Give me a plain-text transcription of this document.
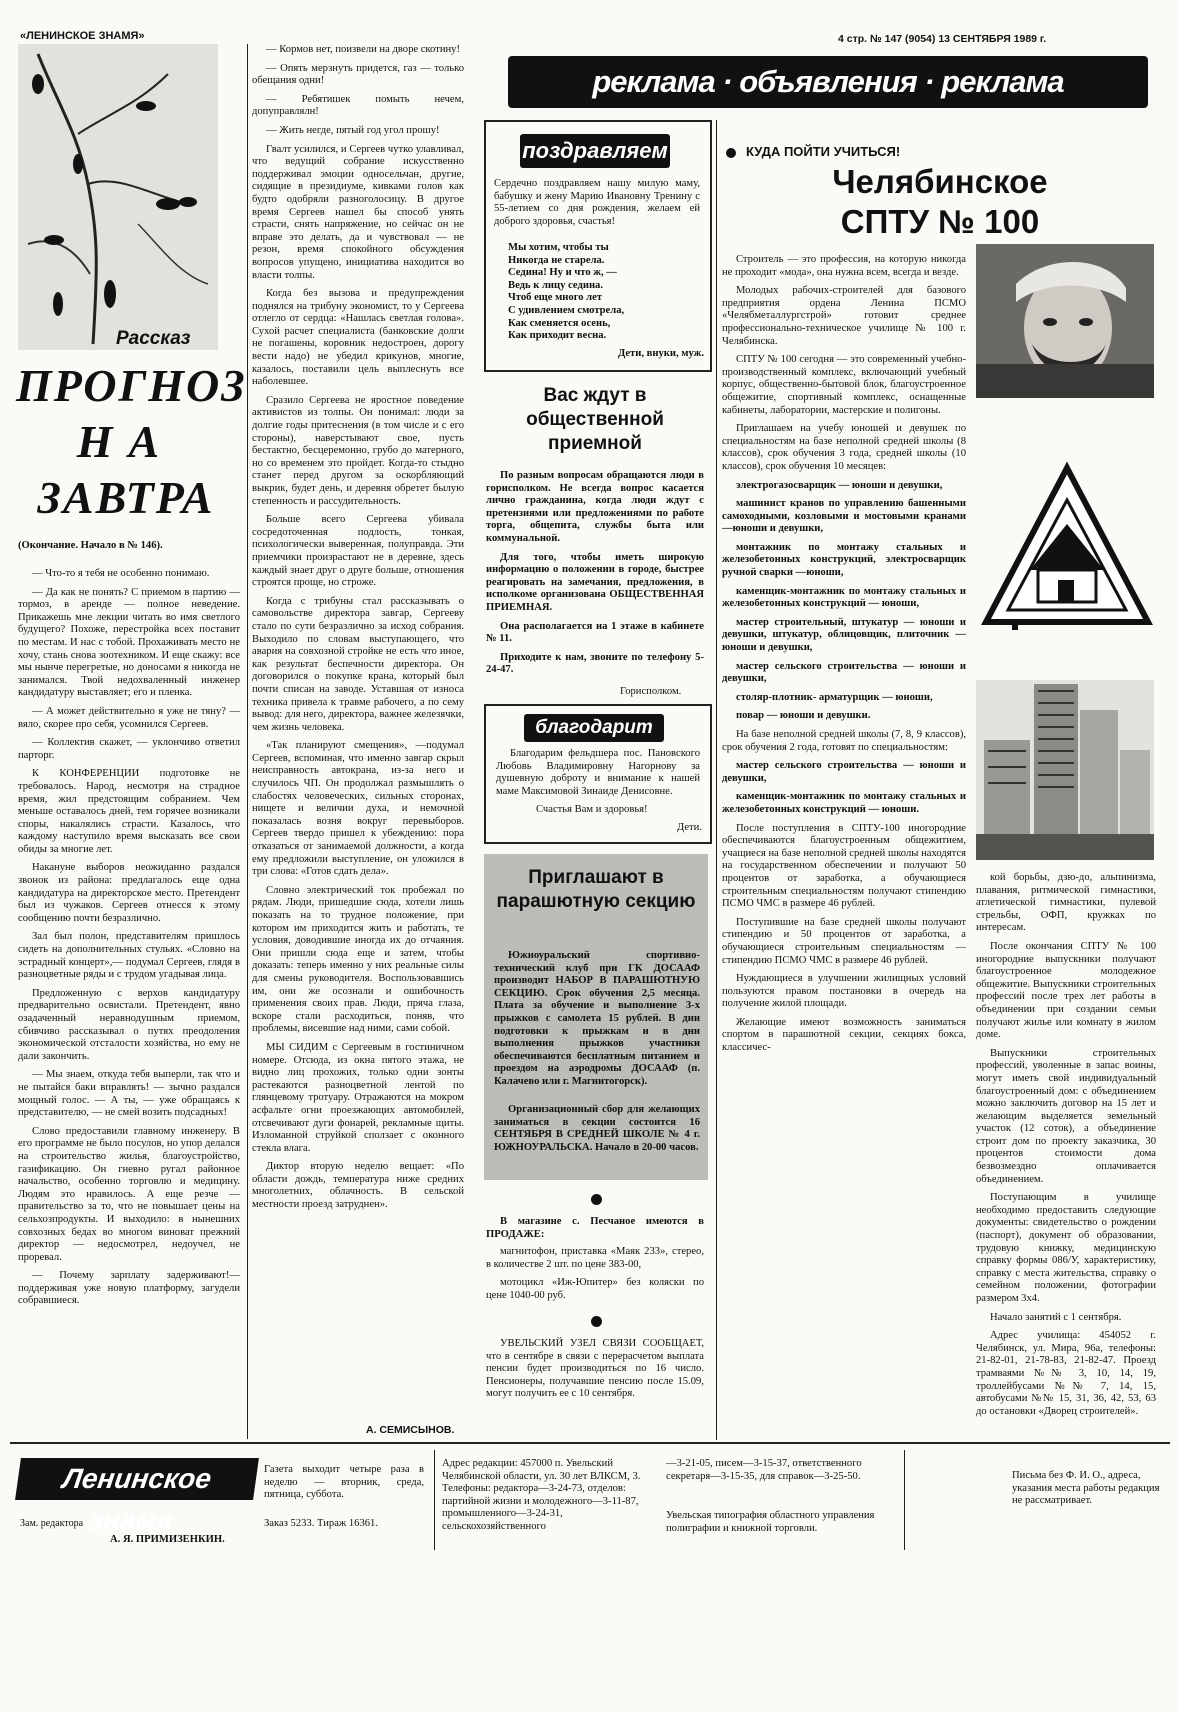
«ЛЕНИНСКОЕ ЗНАМЯ»	4 стр. № 147 (9054) 13 СЕНТЯБРЯ 1989 г.
Рассказ
ПРОГНОЗ
НА
ЗАВТРА
(Окончание. Начало в № 146).

— Что-то я тебя не особенно понимаю.

— Да как не понять? С приемом в партию — тормоз, в аренде — полное неведение. Прикажешь мне лекции читать во имя светлого будущего? Похоже, перестройка всех поставит по местам. И нас с тобой. Прохаживать место не хочу, стань снова зоотехником. И еще скажу: все мы нынче перегретые, но доносами я никогда не занимался. Твой недохваленный инженер кандидатуру выставляет; его и пленка.

— А может действительно я уже не тяну? — вяло, скорее про себя, усомнился Сергеев.

— Коллектив скажет, — уклончиво ответил парторг.

К КОНФЕРЕНЦИИ подготовке не требовалось. Народ, несмотря на страдное время, жил предстоящим собранием. Чем меньше оставалось дней, тем горячее возникали споры, накалялись страсти. Казалось, что каждому наступило время высказать все свои обиды за многие лет.

Накануне выборов неожиданно раздался звонок из района: предлагалось еще одна кандидатура на директорское место. Претендент был из чужаков. Сергеев отнесся к этому сообщению почти безразлично.

Зал был полон, представителям пришлось сидеть на дополнительных стульях. «Словно на эстрадный концерт»,— подумал Сергеев, глядя в разноцветные ряды и с трудом угадывая лица.

Предложенную с верхов кандидатуру предварительно освистали. Претендент, явно озадаченный неравнодушным приемом, сбивчиво рассказывал о путях преодоления экономической отсталости хозяйства, но ему не дали закончить.

— Мы знаем, откуда тебя выперли, так что и не пытайся баки вправлять! — зычно раздался мощный голос. — А ты, — уже обращаясь к представителю, — не смей возить подсадных!

Слово предоставили главному инженеру. В его программе не было посулов, но упор делался на строительство жилья, благоустройство, газификацию. Он гневно ругал районное начальство, особенно торговлю и медицину. Людям это нравилось. А еще резче — правительство за то, что не повышает цены на сельхозпродукты. И выходило: в нынешних совхозных бедах во многом виноват прежний директор — недосмотрел, недоучел, не проревал.

— Почему зарплату задерживают!— поддерживая уже новую платформу, загудели собравшиеся.

— Кормов нет, поизвели на дворе скотину!

— Опять мерзнуть придется, газ — только обещания одни!

— Ребятишек помыть нечем, допуправлялн!

— Жить негде, пятый год угол прошу!

Гвалт усилился, и Сергеев чутко улавливал, что ведущий собрание искусственно поддерживал эмоции односельчан, другие, сидящие в президиуме, кивками голов как будто одобряли разноголосицу. В другое время Сергеев нашел бы способ унять страсти, снять напряжение, но сейчас он не вправе это делать, да и чувствовал — не резон, время спокойного обсуждения вопросов упущено, инициатива находится во власти толпы.

Когда без вызова и предупреждения поднялся на трибуну экономист, то у Сергеева отлегло от сердца: «Нашлась светлая голова». Сухой расчет специалиста (банковские долги не погашены, коровник недостроен, дорогу вести надо) не убедил крикунов, многие, казалось, поставили цель выплеснуть все наболевшее.

Сразило Сергеева не яростное поведение активистов из толпы. Он понимал: люди за долгие годы притеснения (в том числе и с его стороны), наверстывают свое, пусть бестактно, бесцеремонно, грубо до матерного, но со временем это пройдет. Когда-то стыдно станет перед другом за оскорбляющий выкрик, будет день, и деревня обретет былую степенность и рассудительность.

Больше всего Сергеева убивала сосредоточенная подлость, тонкая, психологически выверенная, полуправда. Эти приемчики произрастают не в деревне, здесь каждый знает друг о друге больше, отношения строятся проще, но строже.

Когда с трибуны стал рассказывать о самовольстве директора завгар, Сергееву стало по сути безразлично за исход собрания. Выходило по словам выступающего, что авария на совхозной стройке не есть что иное, как результат беспечности директора. Он договорился о покупке крана, который был почти списан на заводе. Уставшая от износа техника привела к травме рабочего, а по сему вывод: для него, директора, важнее железячки, чем жизнь человека.

«Так планируют смещения», —подумал Сергеев, вспоминая, что именно завгар скрыл неисправность автокрана, из-за него и случилось ЧП. Он продолжал размышлять о слабостях человеческих, сильных сторонах, нищете и величии духа, и немочной показалась возня вокруг перевыборов. Сергеев твердо пришел к убеждению: пора отказаться от занимаемой должности, а когда ему предложили выступление, он уложился в три слова: «Готов сдать дела».

Словно электрический ток пробежал по рядам. Люди, пришедшие сюда, хотели лишь показать на то трудное положение, при котором им приходится жить и работать, те условия, доводившие иногда их до отчаяния. Они пришли сюда еще и затем, чтобы доказать: теперь именно у них реальные силы для смены руководителя. Воспользовавшись им, они же осознали и ошибочность применения своих прав. Люди, пряча глаза, вскоре стали расходиться, поняв, что проблемы, висевшие над ними, сами собой.

МЫ СИДИМ с Сергеевым в гостиничном номере. Отсюда, из окна пятого этажа, не видно лиц прохожих, только одни зонты растекаются разноцветной лентой по глянцевому тротуару. Отражаются на мокром асфальте огни проезжающих автомобилей, отсвечивают дуги фонарей, рекламные щиты. Изломанной струйкой сползает с оконного стекла влага.

Диктор вторую неделю вещает: «По области дождь, температура ниже средних многолетних, облачность. В сельской местности проезд затруднен».

А. СЕМИСЫНОВ.
реклама · объявления · реклама
поздравляем
Сердечно поздравляем нашу милую маму, бабушку и жену Марию Ивановну Тренину с 55-летием со дня рождения, желаем ей доброго здоровья, счастья!
Мы хотим, чтобы ты
Никогда не старела.
Седина! Ну и что ж, —
Ведь к лицу седина.
Чтоб еще много лет
С удивлением смотрела,
Как сменяется осень,
Как приходит весна.
Дети, внуки, муж.
Вас ждут в общественной приемной

По разным вопросам обращаются люди в горисполком. Не всегда вопрос касается лично гражданина, когда люди ждут с претензиями или предложениями по работе торга, общепита, службы быта или коммунальной.

Для того, чтобы иметь широкую информацию о положении в городе, быстрее реагировать на замечания, предложения, в исполкоме организована ОБЩЕСТВЕННАЯ ПРИЕМНАЯ.

Она располагается на 1 этаже в кабинете № 11.

Приходите к нам, звоните по телефону 5-24-47.

Горисполком.
благодарит
Благодарим фельдшера пос. Пановского Любовь Владимировну Нагорнову за душевную доброту и внимание к нашей маме Максимовой Зинаиде Денисовне.
Счастья Вам и здоровья!
Дети.
Приглашают в парашютную секцию
Южноуральский спортивно-технический клуб при ГК ДОСААФ производит НАБОР В ПАРАШЮТНУЮ СЕКЦИЮ. Срок обучения 2,5 месяца. Плата за обучение и выполнение 3-х прыжков с самолета 15 рублей. В дни подготовки к прыжкам и в дни выполнения прыжков участники обеспечиваются бесплатным питанием и проездом на аэродромы ДОСААФ (п. Калачево или г. Магнитогорск).
Организационный сбор для желающих заниматься в секции состоится 16 СЕНТЯБРЯ В СРЕДНЕЙ ШКОЛЕ № 4 г. ЮЖНОУРАЛЬСКА. Начало в 20-00 часов.
В магазине с. Песчаное имеются в ПРОДАЖЕ:

магнитофон, приставка «Маяк 233», стерео, в количестве 2 шт. по цене 383-00,

мотоцикл «Иж-Юпитер» без коляски по цене 1040-00 руб.

УВЕЛЬСКИЙ УЗЕЛ СВЯЗИ СООБЩАЕТ, что в сентябре в связи с перерасчетом выплата пенсии будет производиться по 16 число. Пенсионеры, получавшие пенсию после 15.09, могут получить ее с 10 сентября.
КУДА ПОЙТИ УЧИТЬСЯ!
Челябинское
СПТУ № 100

Строитель — это профессия, на которую никогда не проходит «мода», она нужна всем, всегда и везде.

Молодых рабочих-строителей для базового предприятия ордена Ленина ПСМО «Челябметаллургстрой» готовит среднее профессионально-техническое училище № 100 г. Челябинска.

СПТУ № 100 сегодня — это современный учебно-производственный комплекс, включающий учебный корпус, общественно-бытовой блок, благоустроенное общежитие, спортивный комплекс, оснащенные кабинеты, лаборатории, мастерские и полигоны.

Приглашаем на учебу юношей и девушек по специальностям на базе неполной средней школы (8 классов), срок обучения 3 года, средней школы (10 классов), срок обучения 10 месяцев:

электрогазосварщик — юноши и девушки,

машинист кранов по управлению башенными самоходными, козловыми и мостовыми кранами —юноши и девушки,

монтажник по монтажу стальных и железобетонных конструкций, электросварщик ручной сварки —юноши,

каменщик-монтажник по монтажу стальных и железобетонных конструкций — юноши,

мастер строительный, штукатур — юноши и девушки, штукатур, облицовщик, плиточник — юноши и девушки,

мастер сельского строительства — юноши и девушки,

столяр-плотник- арматурщик — юноши,

повар — юноши и девушки.

На базе неполной средней школы (7, 8, 9 классов), срок обучения 2 года, готовят по специальностям:

мастер сельского строительства — юноши и девушки,

каменщик-монтажник по монтажу стальных и железобетонных конструкций — юноши.

После поступления в СПТУ-100 иногородние обеспечиваются благоустроенным общежитием, учащиеся на базе неполной средней школы находятся на государственном обеспечении и получают 50 процентов от заработка, а обучающиеся строительным специальностям получают стипендию ПСМО ЧМС в размере 46 рублей.

Поступившие на базе средней школы получают стипендию и 50 процентов от заработка, а обучающиеся строительным специальностям — стипендию ПСМО ЧМС в размере 46 рублей.

Нуждающиеся в улучшении жилищных условий пользуются правом постановки в очередь на получение жилой площади.

Желающие имеют возможность заниматься спортом в парашютной секции, секциях бокса, классичес-

кой борьбы, дзю-до, альпинизма, плавания, ритмической гимнастики, атлетической гимнастики, пулевой стрельбы, ОФП, кружках по интересам.

После окончания СПТУ № 100 иногородние выпускники получают благоустроенное молодежное общежитие. Выпускники строительных профессий после трех лет работы в объединении при создании семьи получают жилье или комнату в жилом доме.

Выпускники строительных профессий, уволенные в запас воины, могут иметь свой индивидуальный благоустроенный дом: с объединением можно заключить договор на 15 лет и желающим выделяется земельный участок (12 соток), а объединение строит дом по проекту заказчика, 30 процентов стоимости дома безвозмездно оплачивается объединением.

Поступающим в училище необходимо предоставить следующие документы: свидетельство о рождении (паспорт), документ об образовании, трудовую книжку, медицинскую справку формы 086/У, характеристику, справку с места жительства, справку о семейном положении, фотографии размером 3х4.

Начало занятий с 1 сентября.

Адрес училища: 454052 г. Челябинск, ул. Мира, 96а, телефоны: 21-82-01, 21-78-83, 21-82-47. Проезд трамваями №№ 3, 10, 14, 19, троллейбусами №№ 7, 14, 15, автобусами №№ 15, 31, 36, 42, 53, 63 до остановки «Дворец строителей».

Ленинское знамя
Зам. редактора
А. Я. ПРИМИЗЕНКИН.
Газета выходит четыре раза в неделю — вторник, среда, пятница, суббота.
Заказ 5233. Тираж 16361.
Адрес редакции: 457000 п. Увельский Челябинской области, ул. 30 лет ВЛКСМ, 3. Телефоны: редактора—3-24-73, отделов: партийной жизни и молодежного—3-11-87, промышленного—3-24-31, сельскохозяйственного
—3-21-05, писем—3-15-37, ответственного секретаря—3-15-35, для справок—3-25-50.
Увельская типография областного управления полиграфии и книжной торговли.
Письма без Ф. И. О., адреса, указания места работы редакция не рассматривает.
